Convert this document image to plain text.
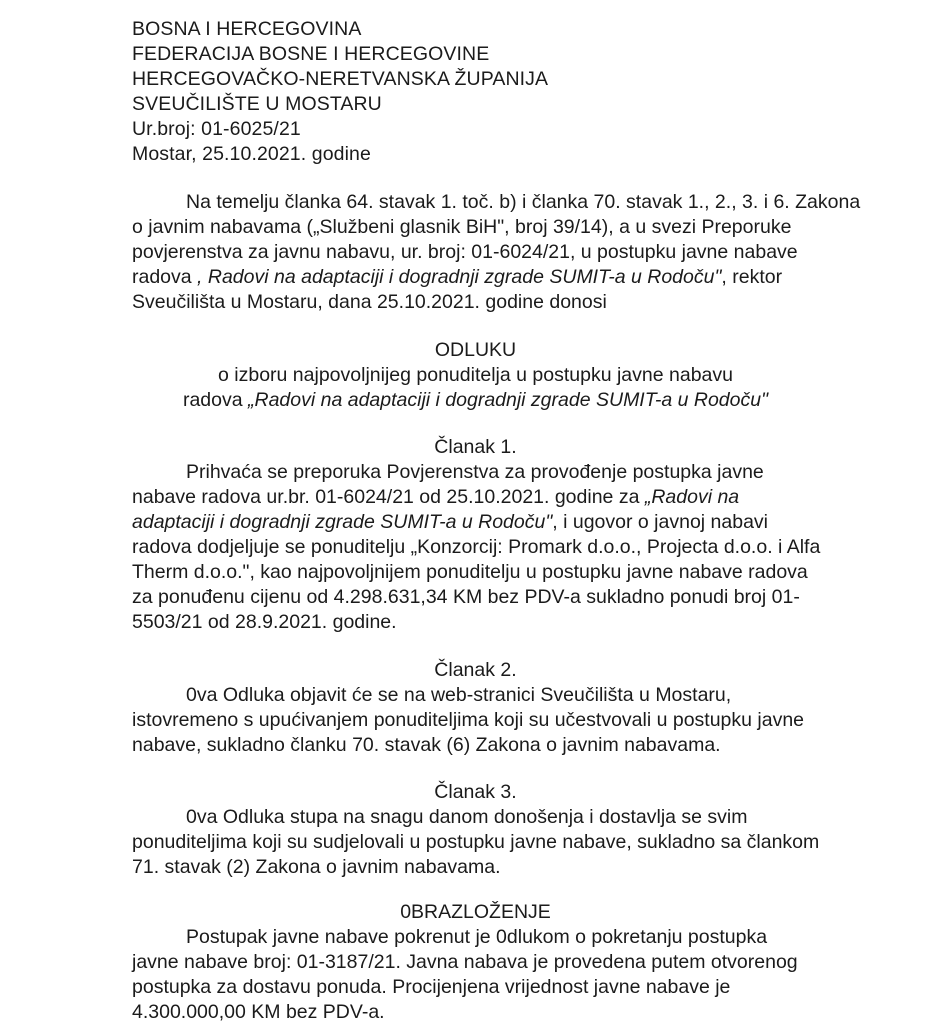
BOSNA I HERCEGOVINA
FEDERACIJA BOSNE I HERCEGOVINE
HERCEGOVAČKO-NERETVANSKA ŽUPANIJA
SVEUČILIŠTE U MOSTARU
Ur.broj: 01-6025/21
Mostar, 25.10.2021. godine
Na temelju članka 64. stavak 1. toč. b) i članka 70. stavak 1., 2., 3. i 6. Zakona
o javnim nabavama („Službeni glasnik BiH", broj 39/14), a u svezi Preporuke
povjerenstva za javnu nabavu, ur. broj: 01-6024/21, u postupku javne nabave
radova , Radovi na adaptaciji i dogradnji zgrade SUMIT-a u Rodoču", rektor
Sveučilišta u Mostaru, dana 25.10.2021. godine donosi
ODLUKU
o izboru najpovoljnijeg ponuditelja u postupku javne nabavu
radova „Radovi na adaptaciji i dogradnji zgrade SUMIT-a u Rodoču"
Članak 1.
Prihvaća se preporuka Povjerenstva za provođenje postupka javne
nabave radova ur.br. 01-6024/21 od 25.10.2021. godine za „Radovi na
adaptaciji i dogradnji zgrade SUMIT-a u Rodoču", i ugovor o javnoj nabavi
radova dodjeljuje se ponuditelju „Konzorcij: Promark d.o.o., Projecta d.o.o. i Alfa
Therm d.o.o.", kao najpovoljnijem ponuditelju u postupku javne nabave radova
za ponuđenu cijenu od 4.298.631,34 KM bez PDV-a sukladno ponudi broj 01-
5503/21 od 28.9.2021. godine.
Članak 2.
0va Odluka objavit će se na web-stranici Sveučilišta u Mostaru,
istovremeno s upućivanjem ponuditeljima koji su učestvovali u postupku javne
nabave, sukladno članku 70. stavak (6) Zakona o javnim nabavama.
Članak 3.
0va Odluka stupa na snagu danom donošenja i dostavlja se svim
ponuditeljima koji su sudjelovali u postupku javne nabave, sukladno sa člankom
71. stavak (2) Zakona o javnim nabavama.
0BRAZLOŽENJE
Postupak javne nabave pokrenut je 0dlukom o pokretanju postupka
javne nabave broj: 01-3187/21. Javna nabava je provedena putem otvorenog
postupka za dostavu ponuda. Procijenjena vrijednost javne nabave je
4.300.000,00 KM bez PDV-a.
